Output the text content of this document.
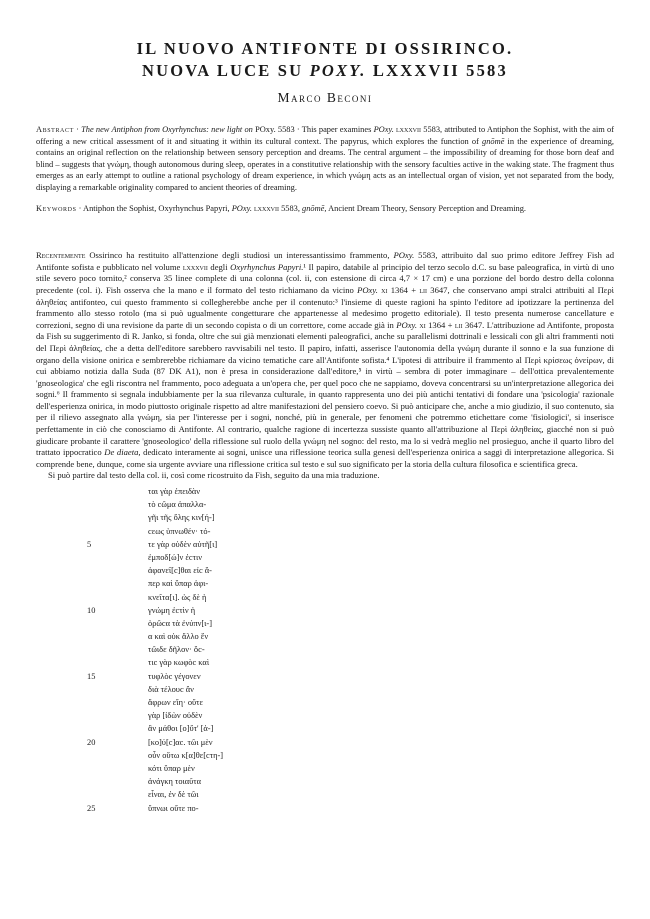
IL NUOVO ANTIFONTE DI OSSIRINCO.
NUOVA LUCE SU POXY. LXXXVII 5583
Marco Beconi
Abstract · The new Antiphon from Oxyrhynchus: new light on POxy. 5583 · This paper examines POxy. lxxxvii 5583, attributed to Antiphon the Sophist, with the aim of offering a new critical assessment of it and situating it within its cultural context. The papyrus, which explores the function of gnōmē in the experience of dreaming, contains an original reflection on the relationship between sensory perception and dreams. The central argument – the impossibility of dreaming for those born deaf and blind – suggests that γνώμη, though autonomous during sleep, operates in a constitutive relationship with the sensory faculties active in the waking state. The fragment thus emerges as an early attempt to outline a rational psychology of dream experience, in which γνώμη acts as an intellectual organ of vision, yet not separated from the body, displaying a remarkable originality compared to ancient theories of dreaming.
Keywords · Antiphon the Sophist, Oxyrhynchus Papyri, POxy. lxxxvii 5583, gnōmē, Ancient Dream Theory, Sensory Perception and Dreaming.

Recentemente Ossirinco ha restituito all'attenzione degli studiosi un interessantissimo frammento, POxy. 5583, attribuito dal suo primo editore Jeffrey Fish ad Antifonte sofista e pubblicato nel volume lxxxvii degli Oxyrhynchus Papyri.¹ Il papiro, databile al principio del terzo secolo d.C. su base paleografica, in virtù di uno stile severo poco tornito,² conserva 35 linee complete di una colonna (col. ii, con estensione di circa 4,7 × 17 cm) e una porzione del bordo destro della colonna precedente (col. i). Fish osserva che la mano e il formato del testo richiamano da vicino POxy. xi 1364 + lii 3647, che conservano ampi stralci attribuiti al Περὶ ἀληθείας antifonteo, cui questo frammento si collegherebbe anche per il contenuto:³ l'insieme di queste ragioni ha spinto l'editore ad ipotizzare la pertinenza del frammento allo stesso rotolo (ma si può ugualmente congetturare che appartenesse al medesimo progetto editoriale). Il testo presenta numerose cancellature e correzioni, segno di una revisione da parte di un secondo copista o di un correttore, come accade già in POxy. xi 1364 + lii 3647. L'attribuzione ad Antifonte, proposta da Fish su suggerimento di R. Janko, si fonda, oltre che sui già menzionati elementi paleografici, anche su parallelismi dottrinali e lessicali con gli altri frammenti noti del Περὶ ἀληθείας, che a detta dell'editore sarebbero ravvisabili nel testo. Il papiro, infatti, asserisce l'autonomia della γνώμη durante il sonno e la sua funzione di organo della visione onirica e sembrerebbe richiamare da vicino tematiche care all'Antifonte sofista.⁴ L'ipotesi di attribuire il frammento al Περὶ κρίσεως ὀνείρων, di cui abbiamo notizia dalla Suda (87 DK A1), non è presa in considerazione dall'editore,⁵ in virtù – sembra di poter immaginare – dell'ottica prevalentemente 'gnoseologica' che egli riscontra nel frammento, poco adeguata a un'opera che, per quel poco che ne sappiamo, doveva concentrarsi su un'interpretazione allegorica dei sogni.⁶ Il frammento si segnala indubbiamente per la sua rilevanza culturale, in quanto rappresenta uno dei più antichi tentativi di fondare una 'psicologia' razionale dell'esperienza onirica, in modo piuttosto originale rispetto ad altre manifestazioni del pensiero coevo. Si può anticipare che, anche a mio giudizio, il suo contenuto, sia per il rilievo assegnato alla γνώμη, sia per l'interesse per i sogni, nonché, più in generale, per fenomeni che potremmo etichettare come 'fisiologici', si inserisce perfettamente in ciò che conosciamo di Antifonte. Al contrario, qualche ragione di incertezza sussiste quanto all'attribuzione al Περὶ ἀληθείας, giacché non si può giudicare probante il carattere 'gnoseologico' della riflessione sul ruolo della γνώμη nel sogno: del resto, ma lo si vedrà meglio nel prosieguo, anche il quarto libro del trattato ippocratico De diaeta, dedicato interamente ai sogni, unisce una riflessione teorica sulla genesi dell'esperienza onirica a saggi di interpretazione allegorica. Si comprende bene, dunque, come sia urgente avviare una riflessione critica sul testo e sul suo significato per la storia della cultura filosofica e scientifica greca.

Si può partire dal testo della col. ii, così come ricostruito da Fish, seguito da una mia traduzione.

ται γὰρ ἐπειδὰν
τὸ cῶμα ἀπαλλα-
γῆι τῆς ὄλης κιν[ή-]
cεως ὑπνωθέν· τό-
5	τε γὰρ οὐδὲν αὐτῆ[ι]
ἐμποδ[ώ]ν ἐcτιν
ἀφανεῖ[c]θαι εἰc ἅ-
περ καὶ ὕπαρ ἀφι-
κνεῖτα[ι]. ὡς δὲ ἡ
10	γνώμη ἐcτὶν ἡ
ὁρῶcα τὰ ἐνύπν[ι-]
α καὶ οὐκ ἄλλο ἕν
τῶιδε δῆλον· ὅc-
τιc γὰρ κωφὸc καὶ
15	τυφλὸc γέγονεν
διὰ τέλουc ἂν
ἄφρων εἴη· οὔτε
γὰρ [ἰδὼν οὐδὲν
ἂν μάθοι [ο]ὔτ' [ἀ-]
20	[κο]ύ[c]αc. τῶι μὲν
οὖν οὕτω κ[α]θε[cτη-]
κότι ὕπαρ μὲν
ἀνάγκη τοιαῦτα
εἶναι, ἐν δὲ τῶι
25	ὕπνωι οὔτε πο-
